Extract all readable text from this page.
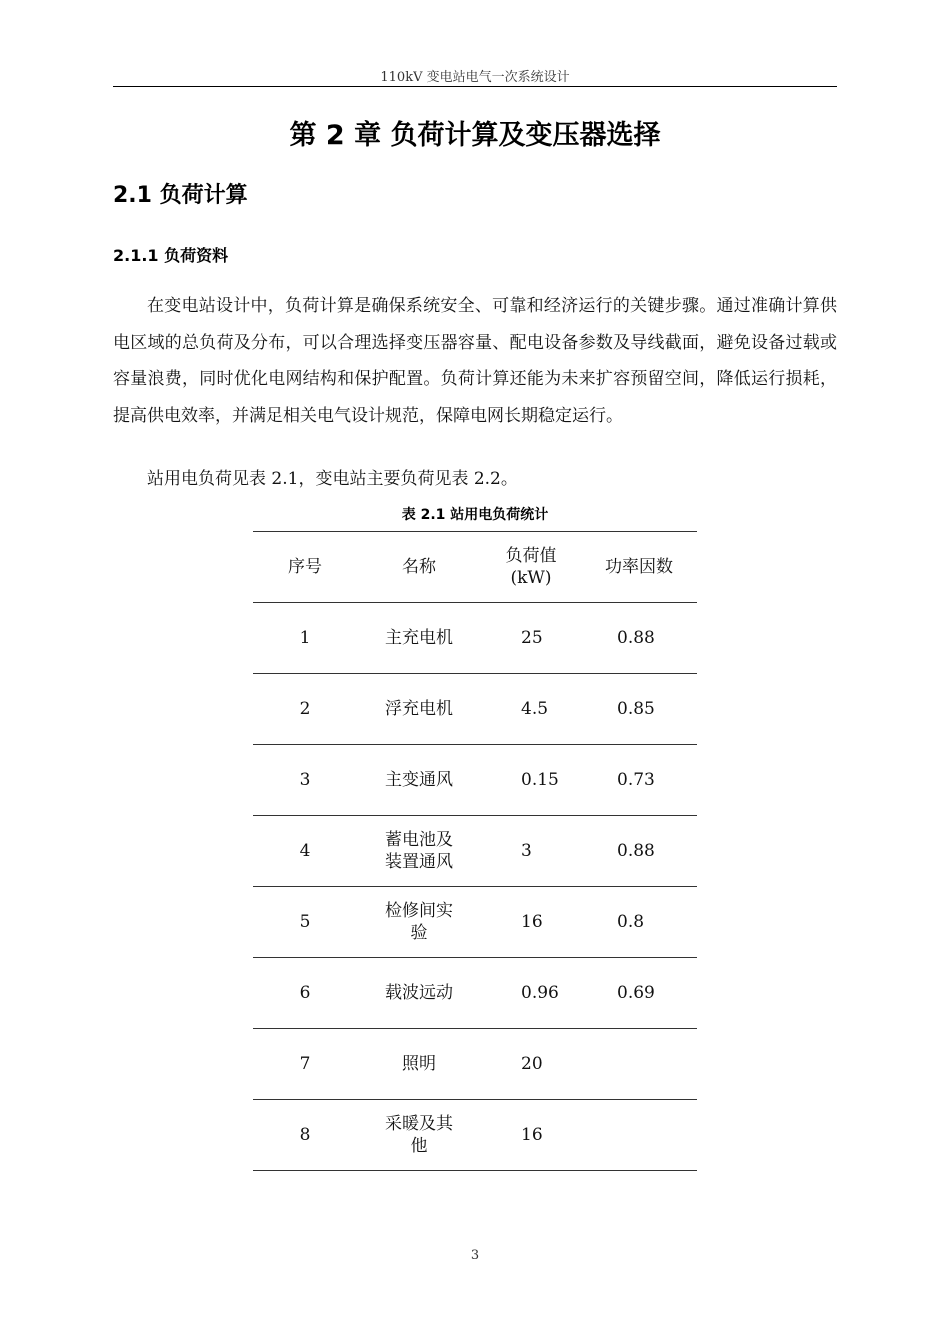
110kV 变电站电气一次系统设计
第 2 章 负荷计算及变压器选择
2.1 负荷计算
2.1.1 负荷资料

在变电站设计中，负荷计算是确保系统安全、可靠和经济运行的关键步骤。通过准确计算供电区域的总负荷及分布，可以合理选择变压器容量、配电设备参数及导线截面，避免设备过载或容量浪费，同时优化电网结构和保护配置。负荷计算还能为未来扩容预留空间，降低运行损耗，提高供电效率，并满足相关电气设计规范，保障电网长期稳定运行。

站用电负荷见表 2.1，变电站主要负荷见表 2.2。

表 2.1 站用电负荷统计
序号	名称	负荷值(kW)	功率因数
1	主充电机	25	0.88
2	浮充电机	4.5	0.85
3	主变通风	0.15	0.73
4	蓄电池及装置通风	3	0.88
5	检修间实验	16	0.8
6	载波远动	0.96	0.69
7	照明	20	
8	采暖及其他	16	
3
